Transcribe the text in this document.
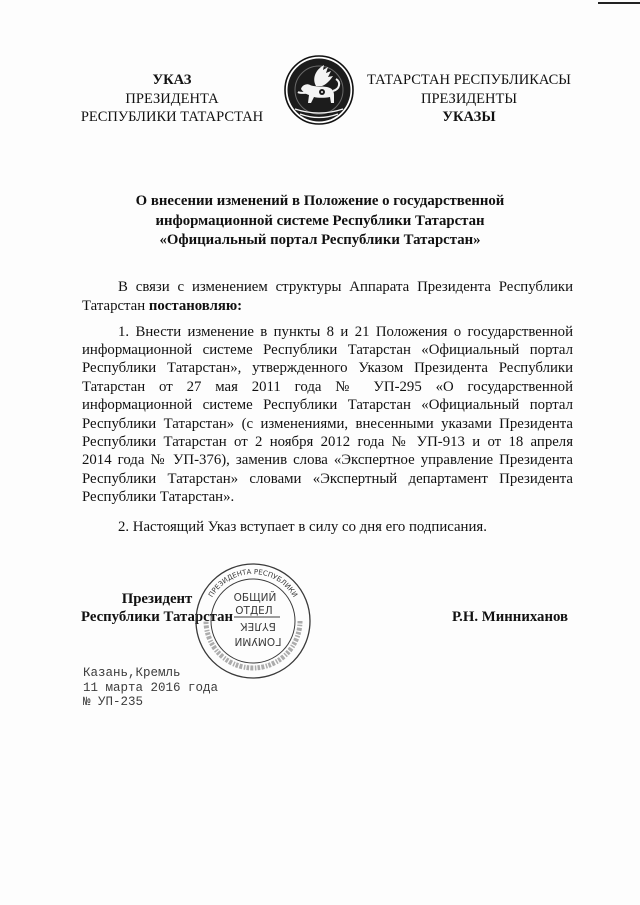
УКАЗ
ПРЕЗИДЕНТА
РЕСПУБЛИКИ ТАТАРСТАН
ТАТАРСТАН РЕСПУБЛИКАСЫ
ПРЕЗИДЕНТЫ
УКАЗЫ
О внесении изменений в Положение о государственной
информационной системе Республики Татарстан
«Официальный портал Республики Татарстан»
В связи с изменением структуры Аппарата Президента Республики
Татарстан постановляю:
1. Внести изменение в пункты 8 и 21 Положения о государственной
информационной системе Республики Татарстан «Официальный портал
Республики Татарстан», утвержденного Указом Президента Республики
Татарстан от 27 мая 2011 года № УП-295 «О государственной
информационной системе Республики Татарстан «Официальный портал
Республики Татарстан» (с изменениями, внесенными указами Президента
Республики Татарстан от 2 ноября 2012 года № УП-913 и от 18 апреля
2014 года № УП-376), заменив слова «Экспертное управление Президента
Республики Татарстан» словами «Экспертный департамент Президента
Республики Татарстан».
2. Настоящий Указ вступает в силу со дня его подписания.
Президент
Республики Татарстан	Р.Н. Минниханов
ПРЕЗИДЕНТА РЕСПУБЛИКИ
ОБЩИЙ
ОТДЕЛ
БҮЛЕК
ГОМУМИ
Казань,Кремль
11 марта 2016 года
№ УП-235
